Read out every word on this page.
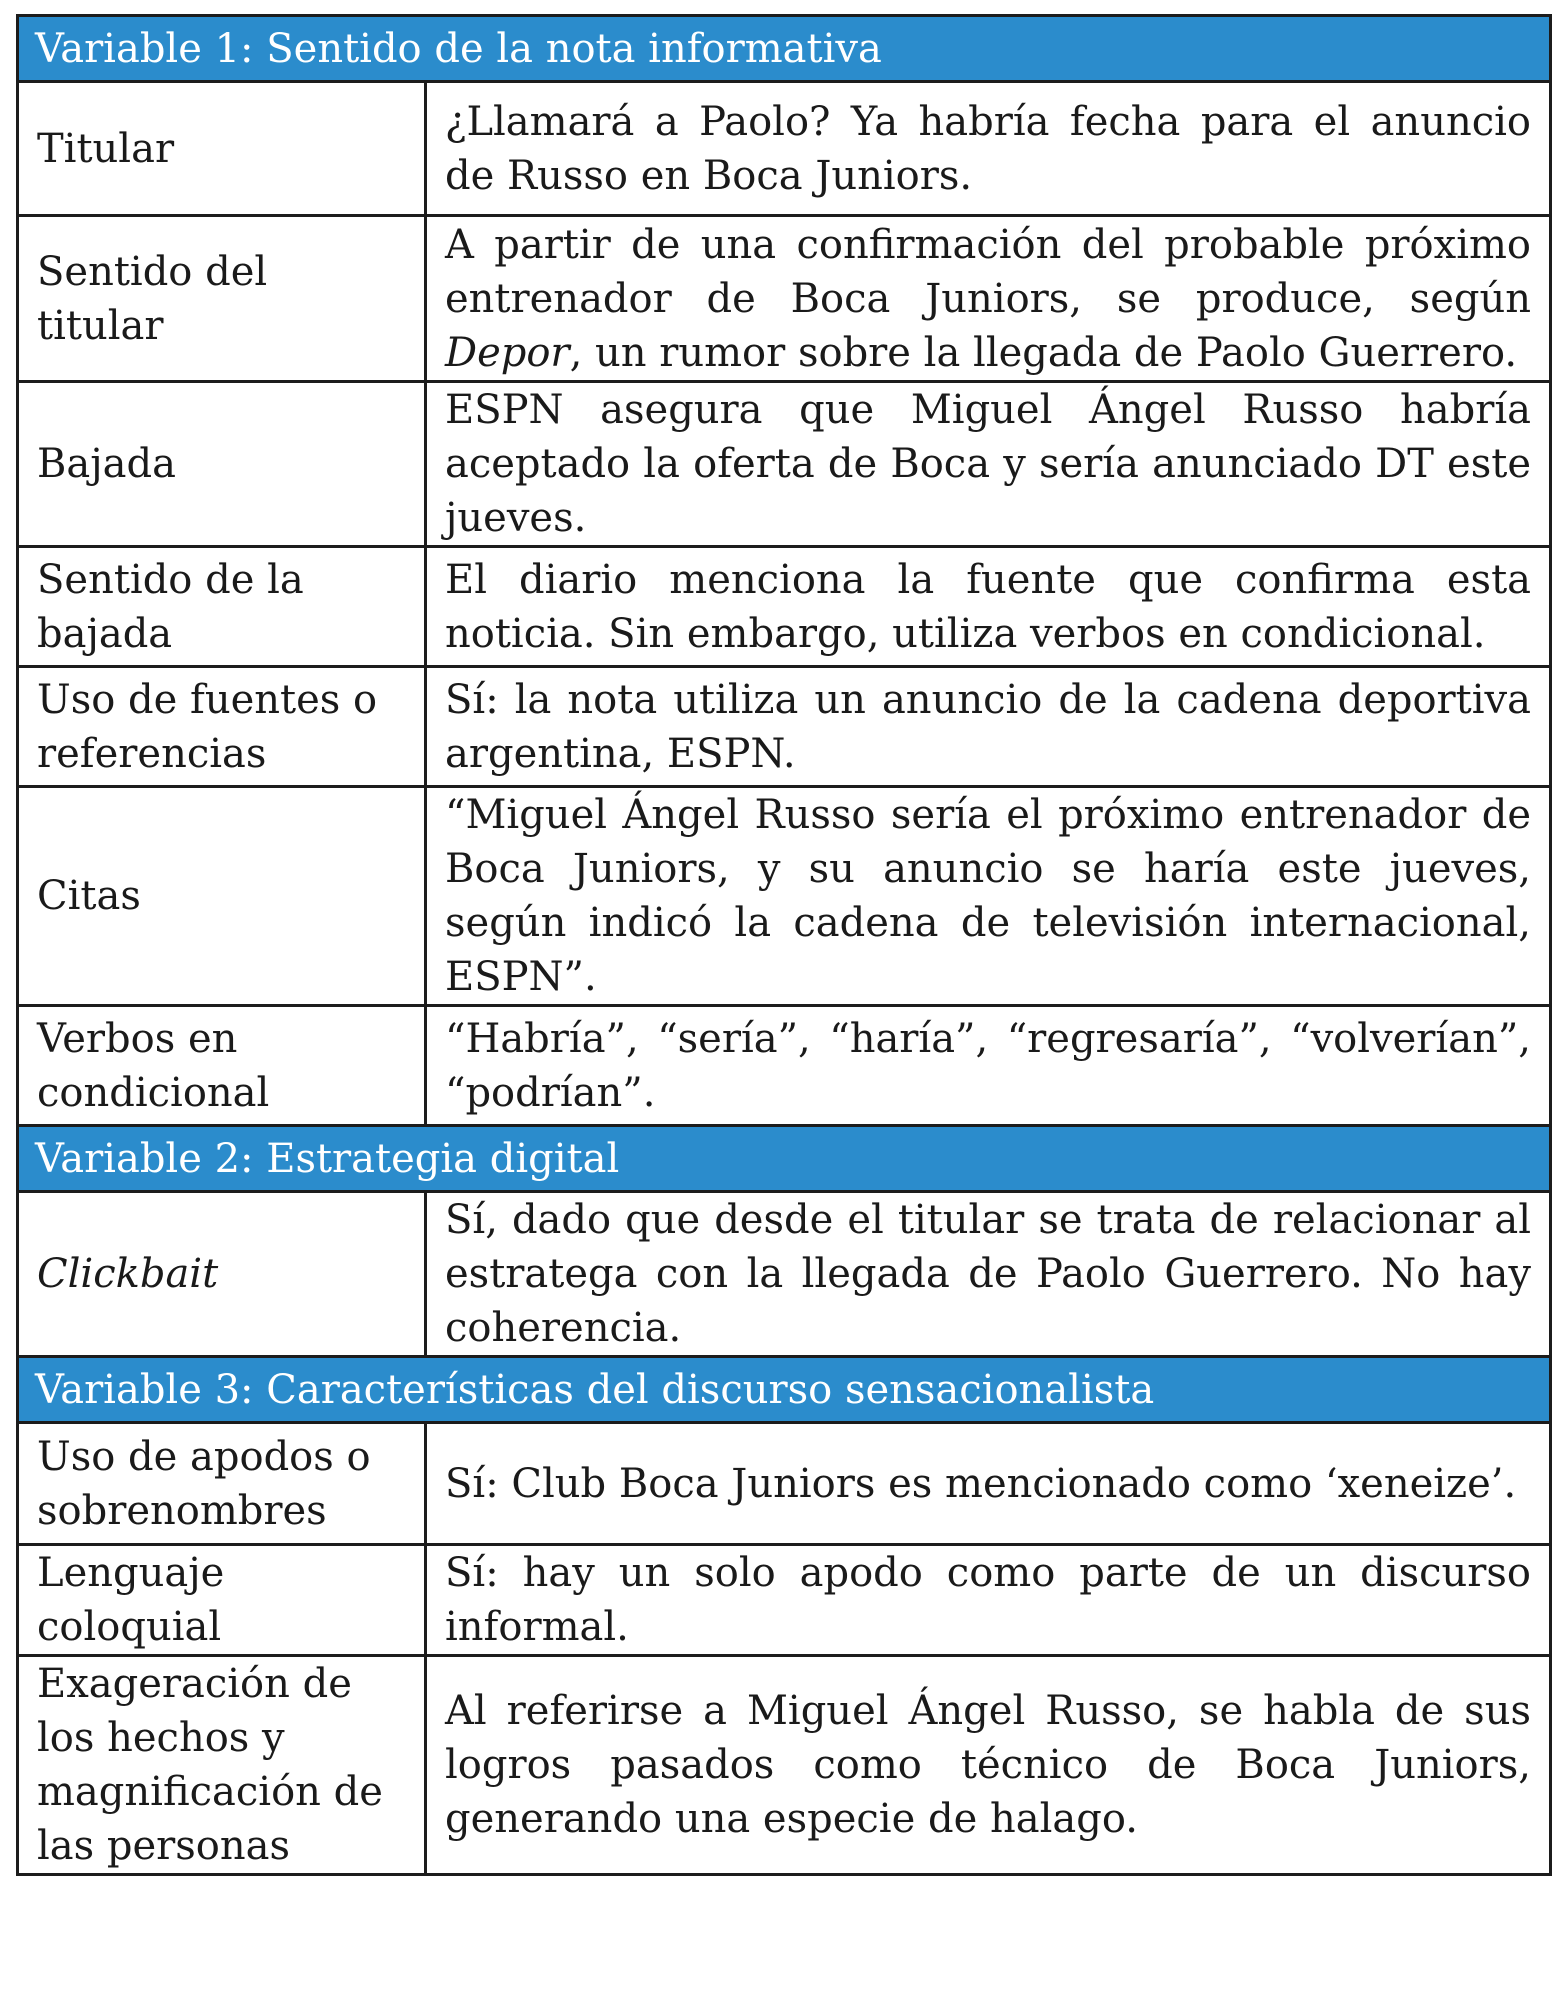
Variable 1: Sentido de la nota informativa	
Titular	¿Llamará a Paolo? Ya habría fecha para el anuncio de Russo en Boca Juniors.
Sentido del titular	A partir de una confirmación del probable próximo entrenador de Boca Juniors, se produce, según Depor, un rumor sobre la llegada de Paolo Guerrero.
Bajada	ESPN asegura que Miguel Ángel Russo habría aceptado la oferta de Boca y sería anunciado DT este jueves.
Sentido de la bajada	El diario menciona la fuente que confirma esta noticia. Sin embargo, utiliza verbos en condicional.
Uso de fuentes o referencias	Sí: la nota utiliza un anuncio de la cadena deportiva argentina, ESPN.
Citas	“Miguel Ángel Russo sería el próximo entrenador de Boca Juniors, y su anuncio se haría este jueves, según indicó la cadena de televisión internacional, ESPN”.
Verbos en condicional	“Habría”, “sería”, “haría”, “regresaría”, “volverían”, “podrían”.
Variable 2: Estrategia digital	
Clickbait	Sí, dado que desde el titular se trata de relacionar al estratega con la llegada de Paolo Guerrero. No hay coherencia.
Variable 3: Características del discurso sensacionalista	
Uso de apodos o sobrenombres	Sí: Club Boca Juniors es mencionado como ‘xeneize’.
Lenguaje coloquial	Sí: hay un solo apodo como parte de un discurso informal.
Exageración de los hechos y magnificación de las personas	Al referirse a Miguel Ángel Russo, se habla de sus logros pasados como técnico de Boca Juniors, generando una especie de halago.
